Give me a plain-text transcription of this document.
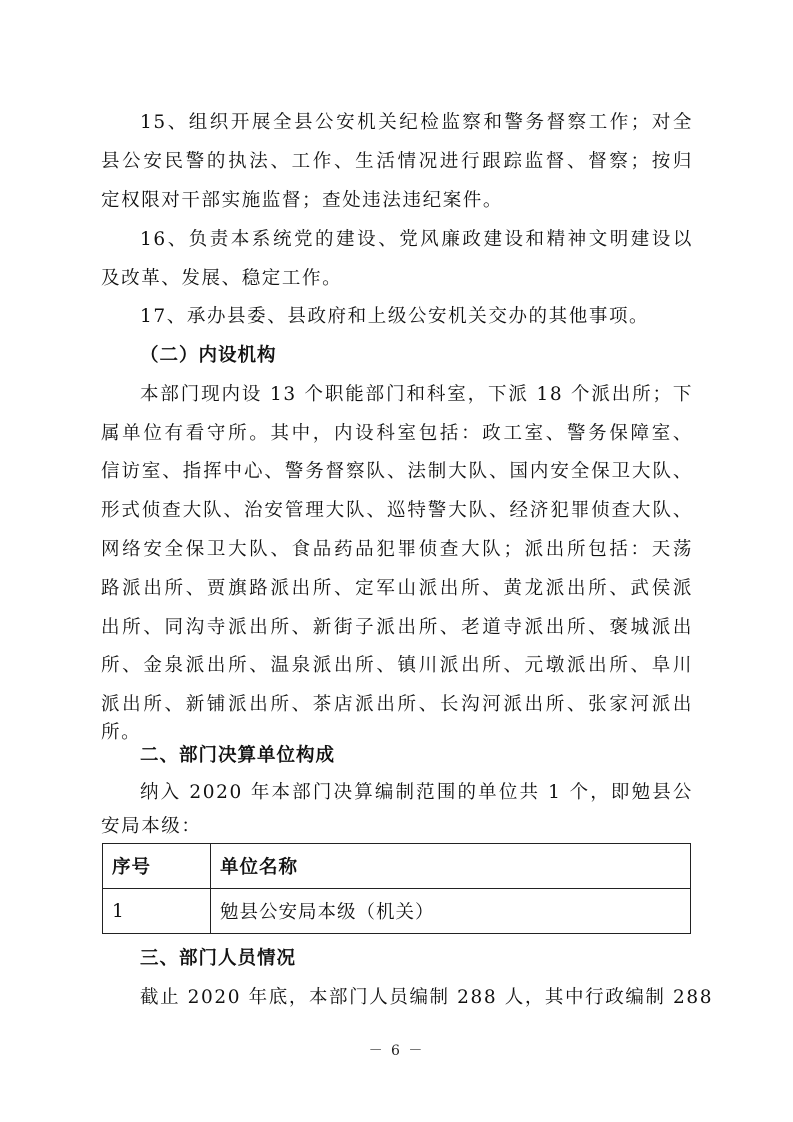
15、组织开展全县公安机关纪检监察和警务督察工作；对全
县公安民警的执法、工作、生活情况进行跟踪监督、督察；按归
定权限对干部实施监督；查处违法违纪案件。
16、负责本系统党的建设、党风廉政建设和精神文明建设以
及改革、发展、稳定工作。
17、承办县委、县政府和上级公安机关交办的其他事项。
（二）内设机构
本部门现内设 13 个职能部门和科室，下派 18 个派出所；下
属单位有看守所。其中，内设科室包括：政工室、警务保障室、
信访室、指挥中心、警务督察队、法制大队、国内安全保卫大队、
形式侦查大队、治安管理大队、巡特警大队、经济犯罪侦查大队、
网络安全保卫大队、食品药品犯罪侦查大队；派出所包括：天荡
路派出所、贾旗路派出所、定军山派出所、黄龙派出所、武侯派
出所、同沟寺派出所、新街子派出所、老道寺派出所、褒城派出
所、金泉派出所、温泉派出所、镇川派出所、元墩派出所、阜川
派出所、新铺派出所、茶店派出所、长沟河派出所、张家河派出
所。
二、部门决算单位构成
纳入 2020 年本部门决算编制范围的单位共 1 个，即勉县公
安局本级：
序号	单位名称
1	勉县公安局本级（机关）
三、部门人员情况
截止 2020 年底，本部门人员编制 288 人，其中行政编制 288
－ 6 －
